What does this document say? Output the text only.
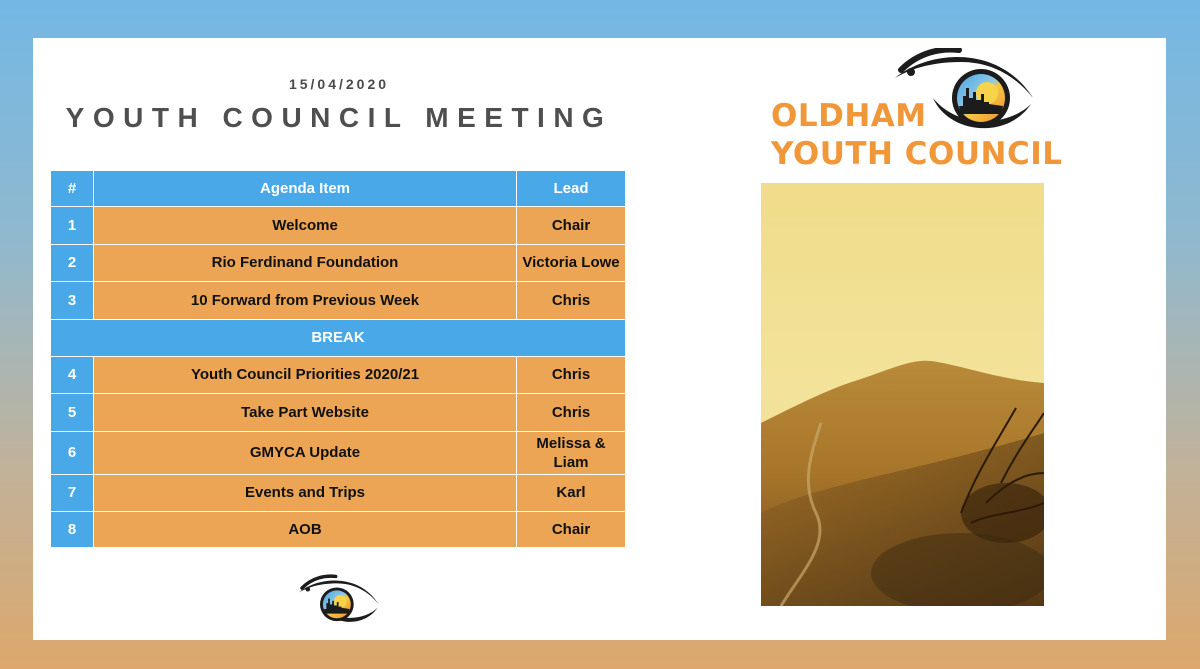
15/04/2020
YOUTH COUNCIL MEETING
#	Agenda Item	Lead
1	Welcome	Chair
2	Rio Ferdinand Foundation	Victoria Lowe
3	10 Forward from Previous Week	Chris
BREAK		
4	Youth Council Priorities 2020/21	Chris
5	Take Part Website	Chris
6	GMYCA Update	Melissa & Liam
7	Events and Trips	Karl
8	AOB	Chair
OLDHAM
YOUTH COUNCIL
